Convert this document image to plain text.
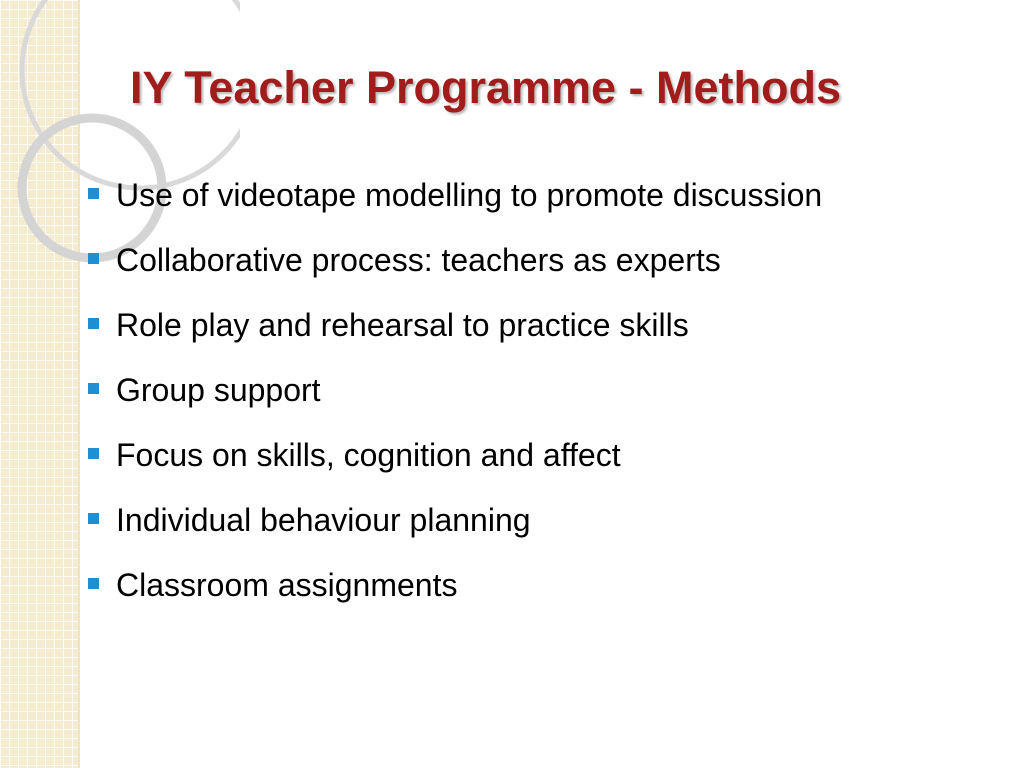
IY Teacher Programme - Methods
Use of videotape modelling to promote discussion
Collaborative process: teachers as experts
Role play and rehearsal to practice skills
Group support
Focus on skills, cognition and affect
Individual behaviour planning
Classroom assignments
